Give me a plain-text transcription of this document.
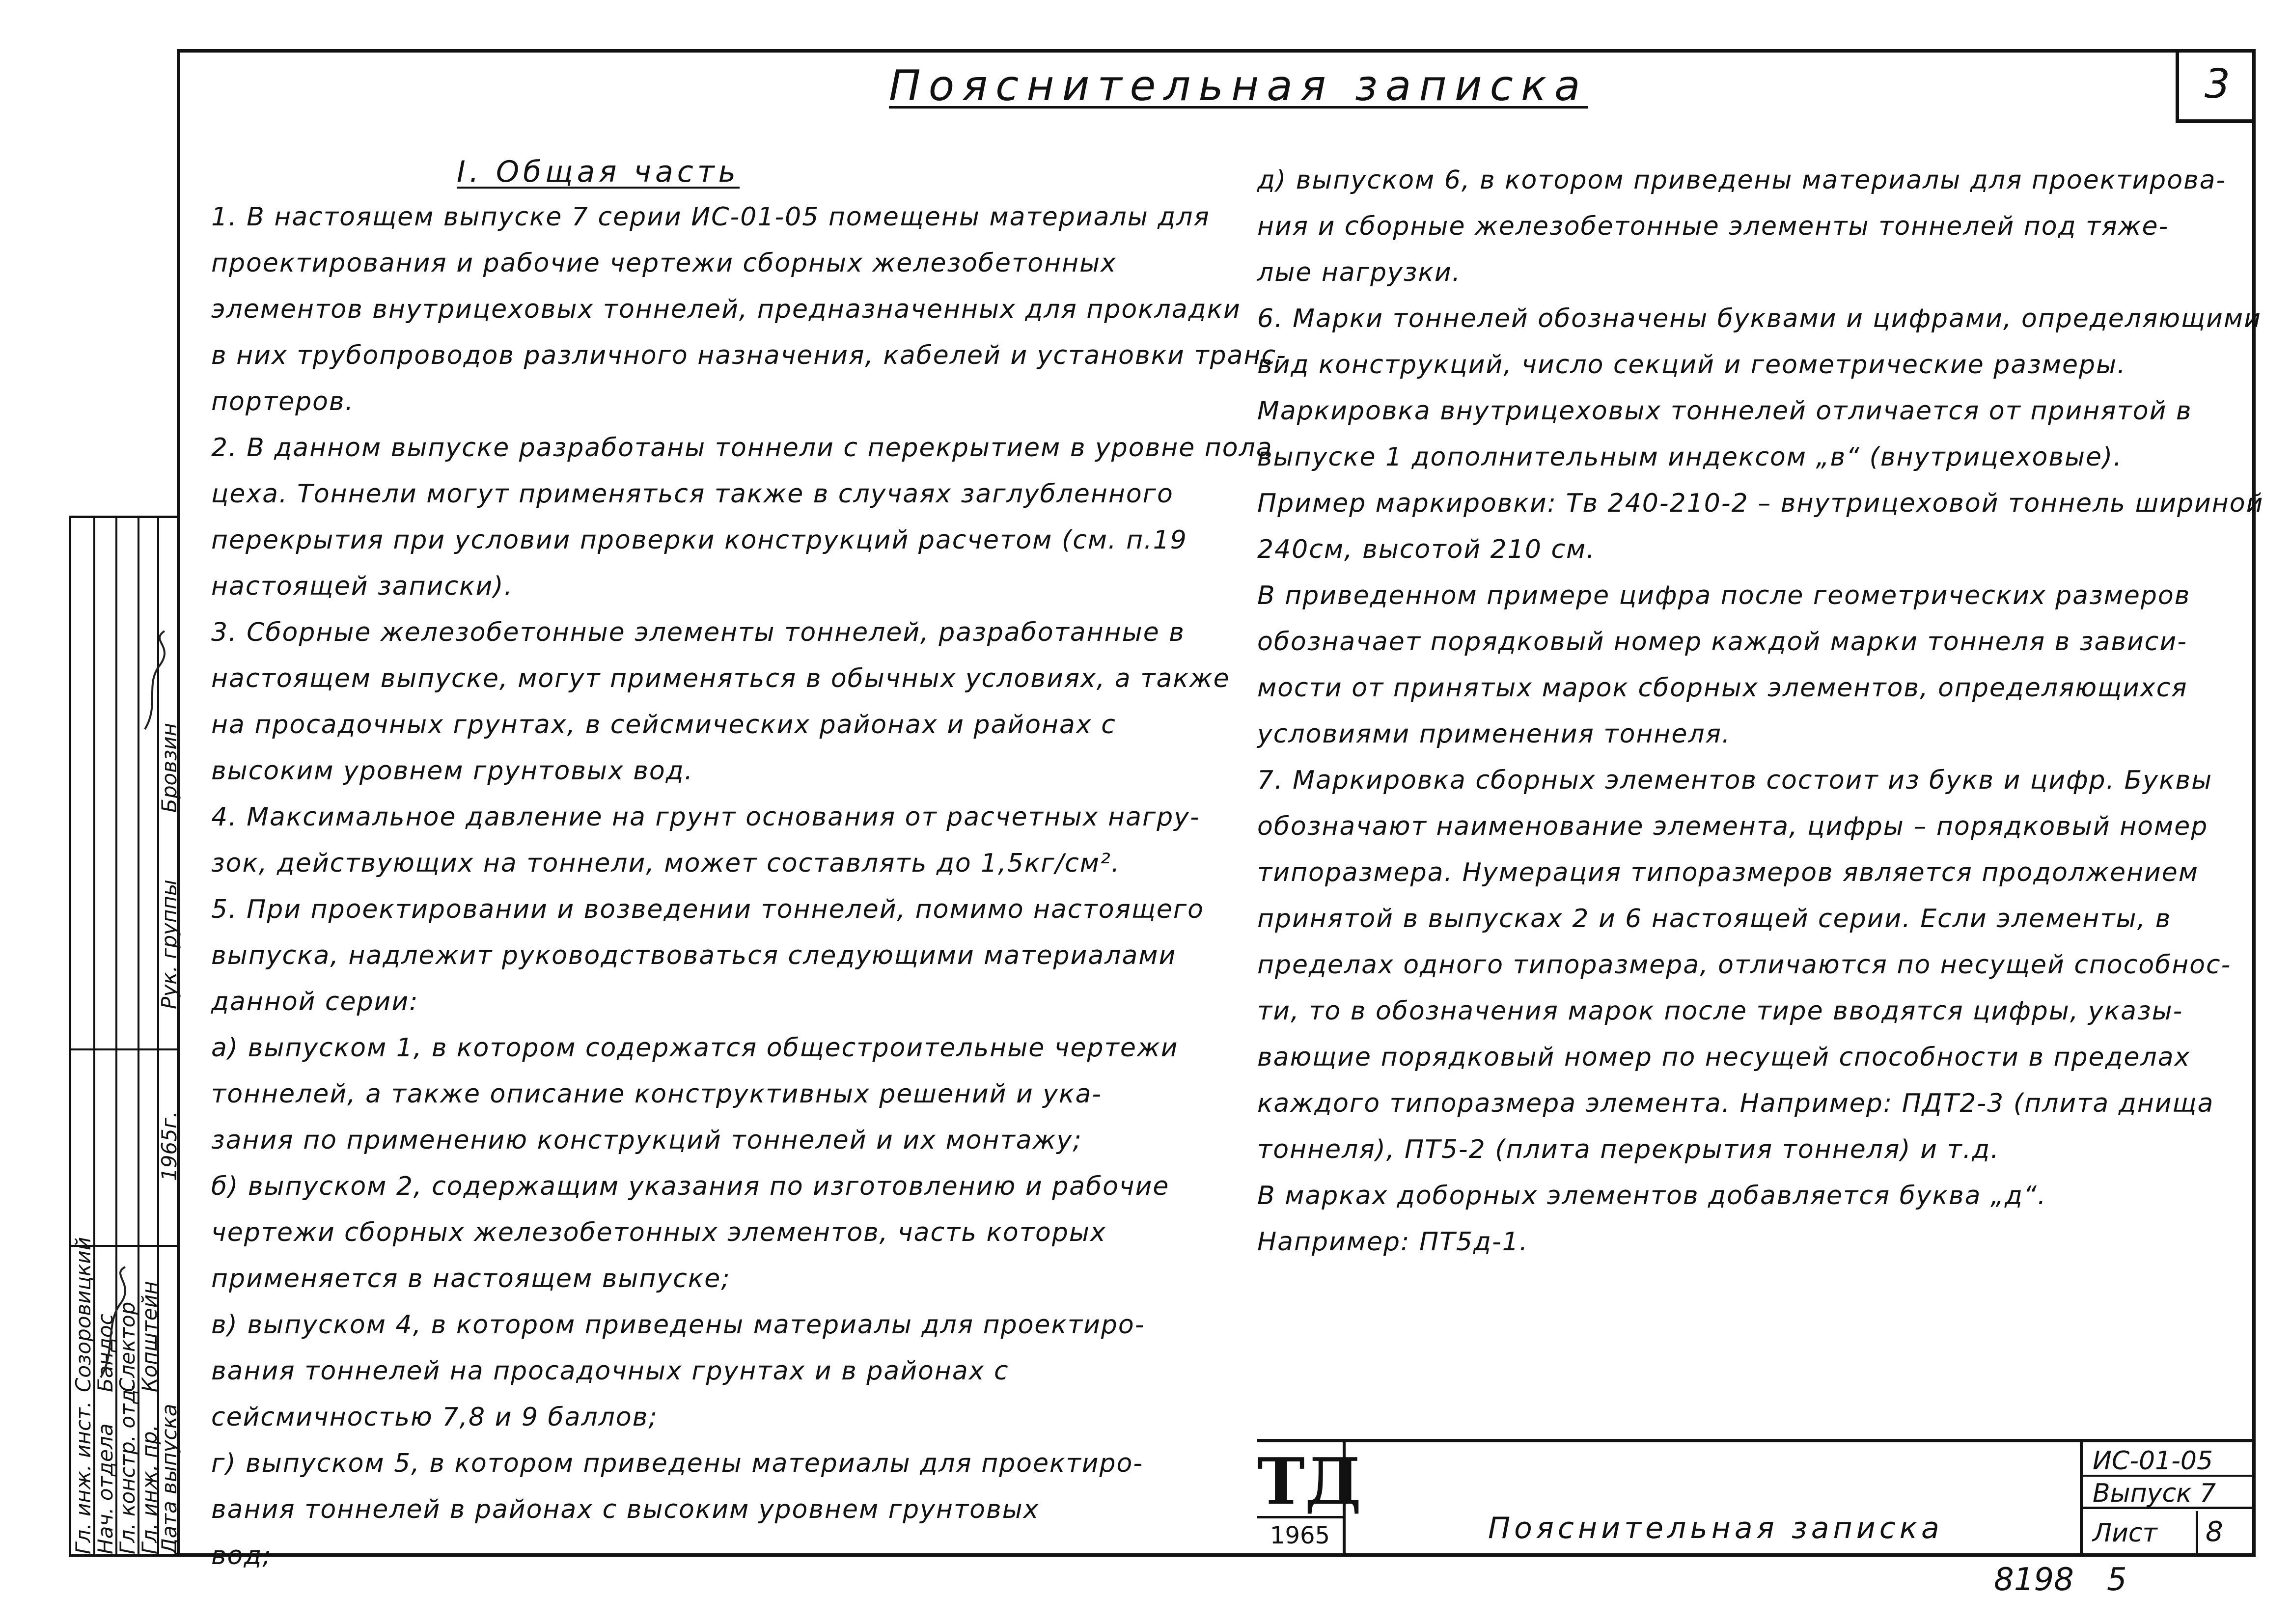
Пояснительная записка	3
I. Общая часть
1. В настоящем выпуске 7 серии ИС-01-05 помещены материалы для
проектирования и рабочие чертежи сборных железобетонных
элементов внутрицеховых тоннелей, предназначенных для прокладки
в них трубопроводов различного назначения, кабелей и установки транс-
портеров.
2. В данном выпуске разработаны тоннели с перекрытием в уровне пола
цеха. Тоннели могут применяться также в случаях заглубленного
перекрытия при условии проверки конструкций расчетом (см. п.19
настоящей записки).
3. Сборные железобетонные элементы тоннелей, разработанные в
настоящем выпуске, могут применяться в обычных условиях, а также
на просадочных грунтах, в сейсмических районах и районах с
высоким уровнем грунтовых вод.
4. Максимальное давление на грунт основания от расчетных нагру-
зок, действующих на тоннели, может составлять до 1,5кг/см².
5. При проектировании и возведении тоннелей, помимо настоящего
выпуска, надлежит руководствоваться следующими материалами
данной серии:
а) выпуском 1, в котором содержатся общестроительные чертежи
тоннелей, а также описание конструктивных решений и ука-
зания по применению конструкций тоннелей и их монтажу;
б) выпуском 2, содержащим указания по изготовлению и рабочие
чертежи сборных железобетонных элементов, часть которых
применяется в настоящем выпуске;
в) выпуском 4, в котором приведены материалы для проектиро-
вания тоннелей на просадочных грунтах и в районах с
сейсмичностью 7,8 и 9 баллов;
г) выпуском 5, в котором приведены материалы для проектиро-
вания тоннелей в районах с высоким уровнем грунтовых
вод;
д) выпуском 6, в котором приведены материалы для проектирова-
ния и сборные железобетонные элементы тоннелей под тяже-
лые нагрузки.
6. Марки тоннелей обозначены буквами и цифрами, определяющими
вид конструкций, число секций и геометрические размеры.
Маркировка внутрицеховых тоннелей отличается от принятой в
выпуске 1 дополнительным индексом „в“ (внутрицеховые).
Пример маркировки: Тв 240-210-2 – внутрицеховой тоннель шириной
240см, высотой 210 см.
В приведенном примере цифра после геометрических размеров
обозначает порядковый номер каждой марки тоннеля в зависи-
мости от принятых марок сборных элементов, определяющихся
условиями применения тоннеля.
7. Маркировка сборных элементов состоит из букв и цифр. Буквы
обозначают наименование элемента, цифры – порядковый номер
типоразмера. Нумерация типоразмеров является продолжением
принятой в выпусках 2 и 6 настоящей серии. Если элементы, в
пределах одного типоразмера, отличаются по несущей способнос-
ти, то в обозначения марок после тире вводятся цифры, указы-
вающие порядковый номер по несущей способности в пределах
каждого типоразмера элемента. Например: ПДТ2-3 (плита днища
тоннеля), ПТ5-2 (плита перекрытия тоннеля) и т.д.
В марках доборных элементов добавляется буква „д“.
Например: ПТ5д-1.
Гл. инж. инст.
Нач. отдела
Гл. констр. отд.
Гл. инж. пр.
Дата выпуска
Созоровицкий
Бандос
Слектор
Копштейн
1965г.
Рук. группы
Бровзин
ТД
1965	Пояснительная записка
ИС-01-05
Выпуск 7
Лист 8
8198 5
